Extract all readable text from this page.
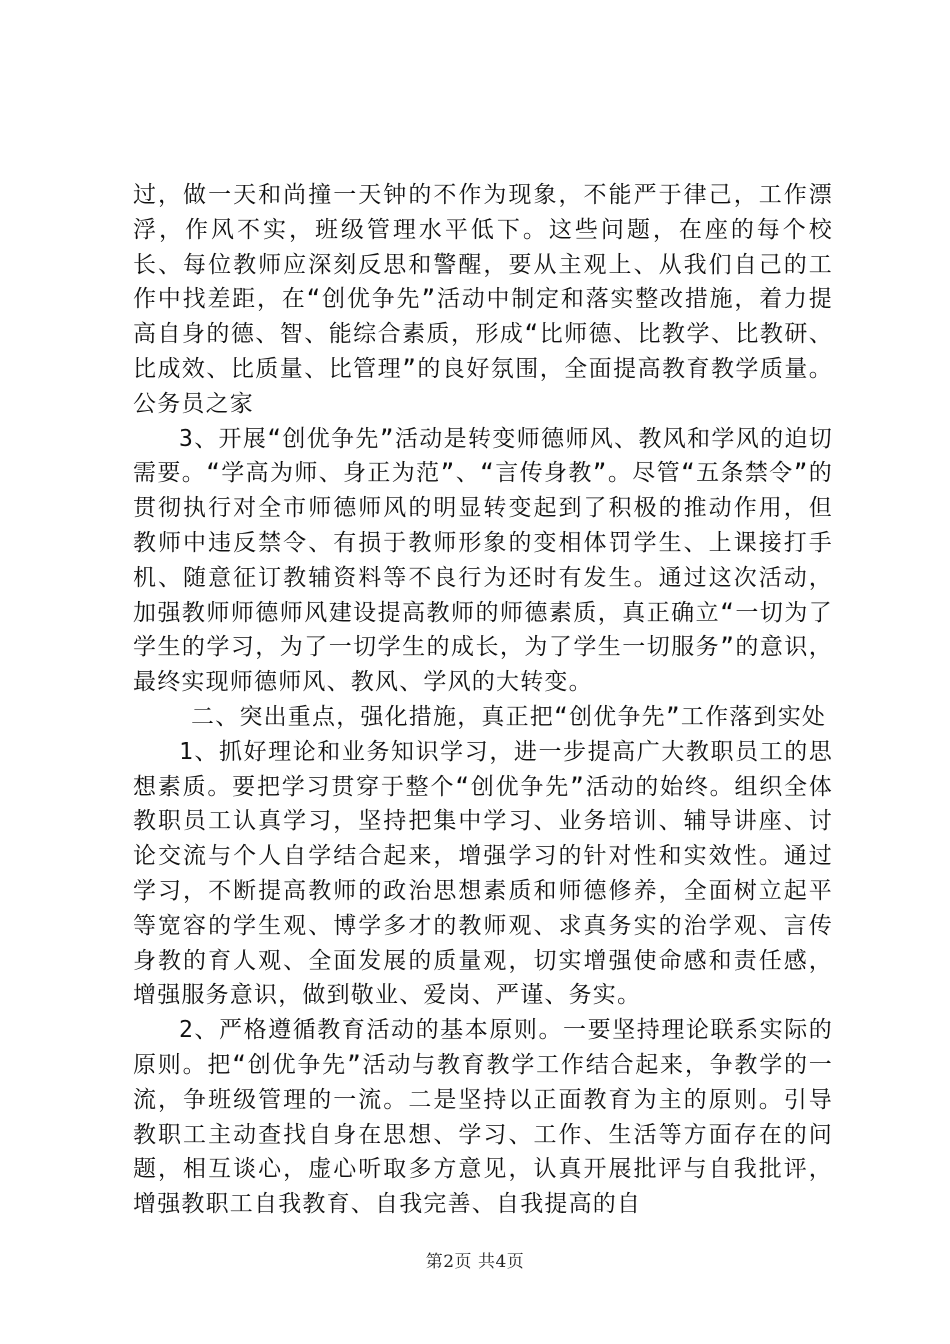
过，做一天和尚撞一天钟的不作为现象，不能严于律己，工作漂浮，作风不实，班级管理水平低下。这些问题，在座的每个校长、每位教师应深刻反思和警醒，要从主观上、从我们自己的工作中找差距，在“创优争先”活动中制定和落实整改措施，着力提高自身的德、智、能综合素质，形成“比师德、比教学、比教研、比成效、比质量、比管理”的良好氛围，全面提高教育教学质量。公务员之家

3、开展“创优争先”活动是转变师德师风、教风和学风的迫切需要。“学高为师、身正为范”、“言传身教”。尽管“五条禁令”的贯彻执行对全市师德师风的明显转变起到了积极的推动作用，但教师中违反禁令、有损于教师形象的变相体罚学生、上课接打手机、随意征订教辅资料等不良行为还时有发生。通过这次活动，加强教师师德师风建设提高教师的师德素质，真正确立“一切为了学生的学习，为了一切学生的成长，为了学生一切服务”的意识，最终实现师德师风、教风、学风的大转变。

二、突出重点，强化措施，真正把“创优争先”工作落到实处

1、抓好理论和业务知识学习，进一步提高广大教职员工的思想素质。要把学习贯穿于整个“创优争先”活动的始终。组织全体教职员工认真学习，坚持把集中学习、业务培训、辅导讲座、讨论交流与个人自学结合起来，增强学习的针对性和实效性。通过学习，不断提高教师的政治思想素质和师德修养，全面树立起平等宽容的学生观、博学多才的教师观、求真务实的治学观、言传身教的育人观、全面发展的质量观，切实增强使命感和责任感，增强服务意识，做到敬业、爱岗、严谨、务实。

2、严格遵循教育活动的基本原则。一要坚持理论联系实际的原则。把“创优争先”活动与教育教学工作结合起来，争教学的一流，争班级管理的一流。二是坚持以正面教育为主的原则。引导教职工主动查找自身在思想、学习、工作、生活等方面存在的问题，相互谈心，虚心听取多方意见，认真开展批评与自我批评，增强教职工自我教育、自我完善、自我提高的自

第2页 共4页
